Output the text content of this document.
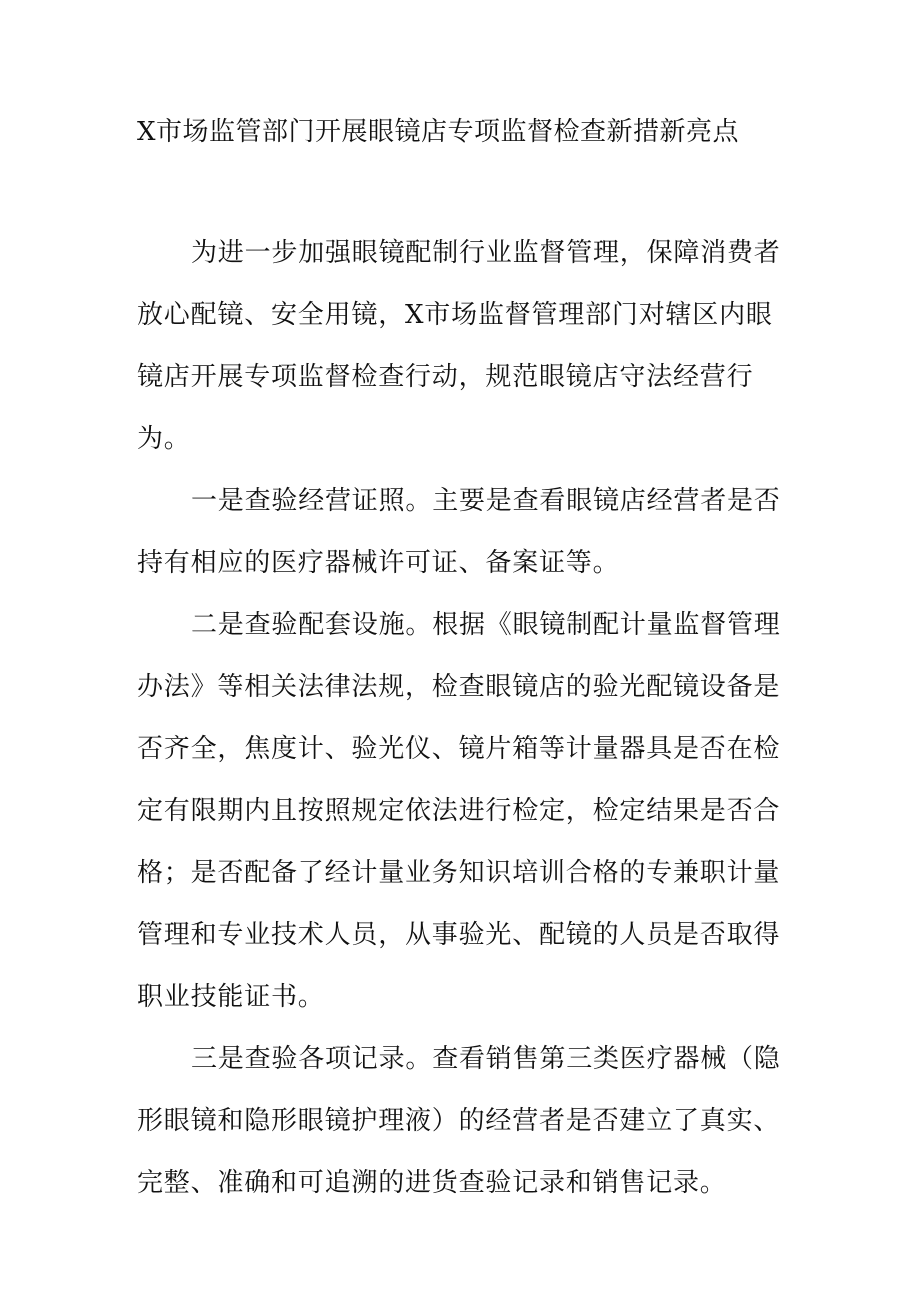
X市场监管部门开展眼镜店专项监督检查新措新亮点

为进一步加强眼镜配制行业监督管理，保障消费者放心配镜、安全用镜，X市场监督管理部门对辖区内眼镜店开展专项监督检查行动，规范眼镜店守法经营行为。

一是查验经营证照。主要是查看眼镜店经营者是否持有相应的医疗器械许可证、备案证等。

二是查验配套设施。根据《眼镜制配计量监督管理办法》等相关法律法规，检查眼镜店的验光配镜设备是否齐全，焦度计、验光仪、镜片箱等计量器具是否在检定有限期内且按照规定依法进行检定，检定结果是否合格；是否配备了经计量业务知识培训合格的专兼职计量管理和专业技术人员，从事验光、配镜的人员是否取得职业技能证书。

三是查验各项记录。查看销售第三类医疗器械（隐形眼镜和隐形眼镜护理液）的经营者是否建立了真实、完整、准确和可追溯的进货查验记录和销售记录。
